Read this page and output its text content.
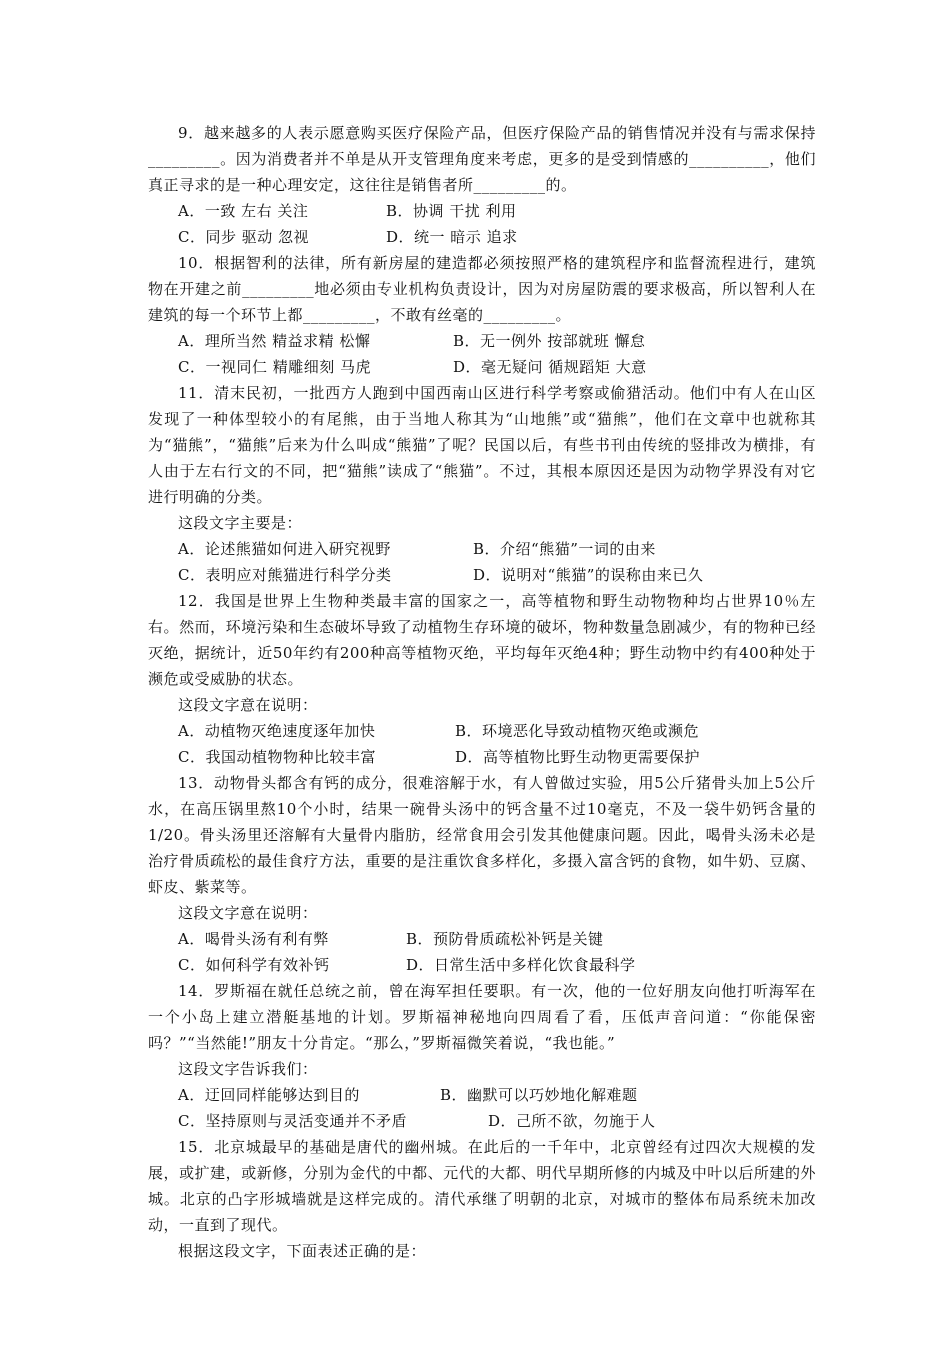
9．越来越多的人表示愿意购买医疗保险产品，但医疗保险产品的销售情况并没有与需求保持_________。因为消费者并不单是从开支管理角度来考虑，更多的是受到情感的__________，他们真正寻求的是一种心理安定，这往往是销售者所_________的。

A．一致 左右 关注	B．协调 干扰 利用
C．同步 驱动 忽视	D．统一 暗示 追求

10．根据智利的法律，所有新房屋的建造都必须按照严格的建筑程序和监督流程进行，建筑物在开建之前_________地必须由专业机构负责设计，因为对房屋防震的要求极高，所以智利人在建筑的每一个环节上都_________，不敢有丝毫的_________。

A．理所当然 精益求精 松懈	B．无一例外 按部就班 懈怠
C．一视同仁 精雕细刻 马虎	D．毫无疑问 循规蹈矩 大意

11．清末民初，一批西方人跑到中国西南山区进行科学考察或偷猎活动。他们中有人在山区发现了一种体型较小的有尾熊，由于当地人称其为“山地熊”或“猫熊”，他们在文章中也就称其为“猫熊”，“猫熊”后来为什么叫成“熊猫”了呢？民国以后，有些书刊由传统的竖排改为横排，有人由于左右行文的不同，把“猫熊”读成了“熊猫”。不过，其根本原因还是因为动物学界没有对它进行明确的分类。

这段文字主要是：

A．论述熊猫如何进入研究视野	B．介绍“熊猫”一词的由来
C．表明应对熊猫进行科学分类	D．说明对“熊猫”的误称由来已久

12．我国是世界上生物种类最丰富的国家之一，高等植物和野生动物物种均占世界10％左右。然而，环境污染和生态破坏导致了动植物生存环境的破坏，物种数量急剧减少，有的物种已经灭绝，据统计，近50年约有200种高等植物灭绝，平均每年灭绝4种；野生动物中约有400种处于濒危或受威胁的状态。

这段文字意在说明：

A．动植物灭绝速度逐年加快	B．环境恶化导致动植物灭绝或濒危
C．我国动植物物种比较丰富	D．高等植物比野生动物更需要保护

13．动物骨头都含有钙的成分，很难溶解于水，有人曾做过实验，用5公斤猪骨头加上5公斤水，在高压锅里熬10个小时，结果一碗骨头汤中的钙含量不过10毫克，不及一袋牛奶钙含量的1/20。骨头汤里还溶解有大量骨内脂肪，经常食用会引发其他健康问题。因此，喝骨头汤未必是治疗骨质疏松的最佳食疗方法，重要的是注重饮食多样化，多摄入富含钙的食物，如牛奶、豆腐、虾皮、紫菜等。

这段文字意在说明：

A．喝骨头汤有利有弊	B．预防骨质疏松补钙是关键
C．如何科学有效补钙	D．日常生活中多样化饮食最科学

14．罗斯福在就任总统之前，曾在海军担任要职。有一次，他的一位好朋友向他打听海军在一个小岛上建立潜艇基地的计划。罗斯福神秘地向四周看了看，压低声音问道：“你能保密吗？”“当然能!”朋友十分肯定。“那么，”罗斯福微笑着说，“我也能。”

这段文字告诉我们：

A．迂回同样能够达到目的	B．幽默可以巧妙地化解难题
C．坚持原则与灵活变通并不矛盾	D．己所不欲，勿施于人

15．北京城最早的基础是唐代的幽州城。在此后的一千年中，北京曾经有过四次大规模的发展，或扩建，或新修，分别为金代的中都、元代的大都、明代早期所修的内城及中叶以后所建的外城。北京的凸字形城墙就是这样完成的。清代承继了明朝的北京，对城市的整体布局系统未加改动，一直到了现代。

根据这段文字，下面表述正确的是：
